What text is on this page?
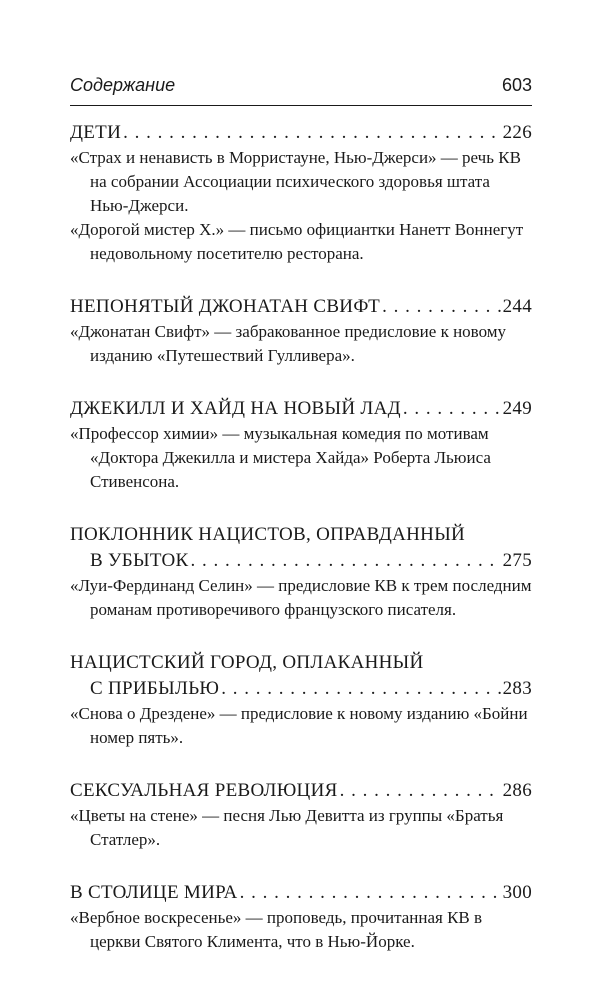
Содержание	603
ДЕТИ . . .	226

«Страх и ненависть в Морристауне, Нью-Джерси» — речь КВ на собрании Ассоциации психического здоровья штата Нью-Джерси.

«Дорогой мистер Х.» — письмо официантки Нанетт Воннегут недовольному посетителю ресторана.

НЕПОНЯТЫЙ ДЖОНАТАН СВИФТ . . .	244

«Джонатан Свифт» — забракованное предисловие к новому изданию «Путешествий Гулливера».

ДЖЕКИЛЛ И ХАЙД НА НОВЫЙ ЛАД . . .	249

«Профессор химии» — музыкальная комедия по мотивам «Доктора Джекилла и мистера Хайда» Роберта Льюиса Стивенсона.

ПОКЛОННИК НАЦИСТОВ, ОПРАВДАННЫЙ
В УБЫТОК . . .	275

«Луи-Фердинанд Селин» — предисловие КВ к трем последним романам противоречивого французского писателя.

НАЦИСТСКИЙ ГОРОД, ОПЛАКАННЫЙ
С ПРИБЫЛЬЮ . . .	283

«Снова о Дрездене» — предисловие к новому изданию «Бойни номер пять».

СЕКСУАЛЬНАЯ РЕВОЛЮЦИЯ . . .	286

«Цветы на стене» — песня Лью Девитта из группы «Братья Статлер».

В СТОЛИЦЕ МИРА . . .	300

«Вербное воскресенье» — проповедь, прочитанная КВ в церкви Святого Климента, что в Нью-Йорке.
